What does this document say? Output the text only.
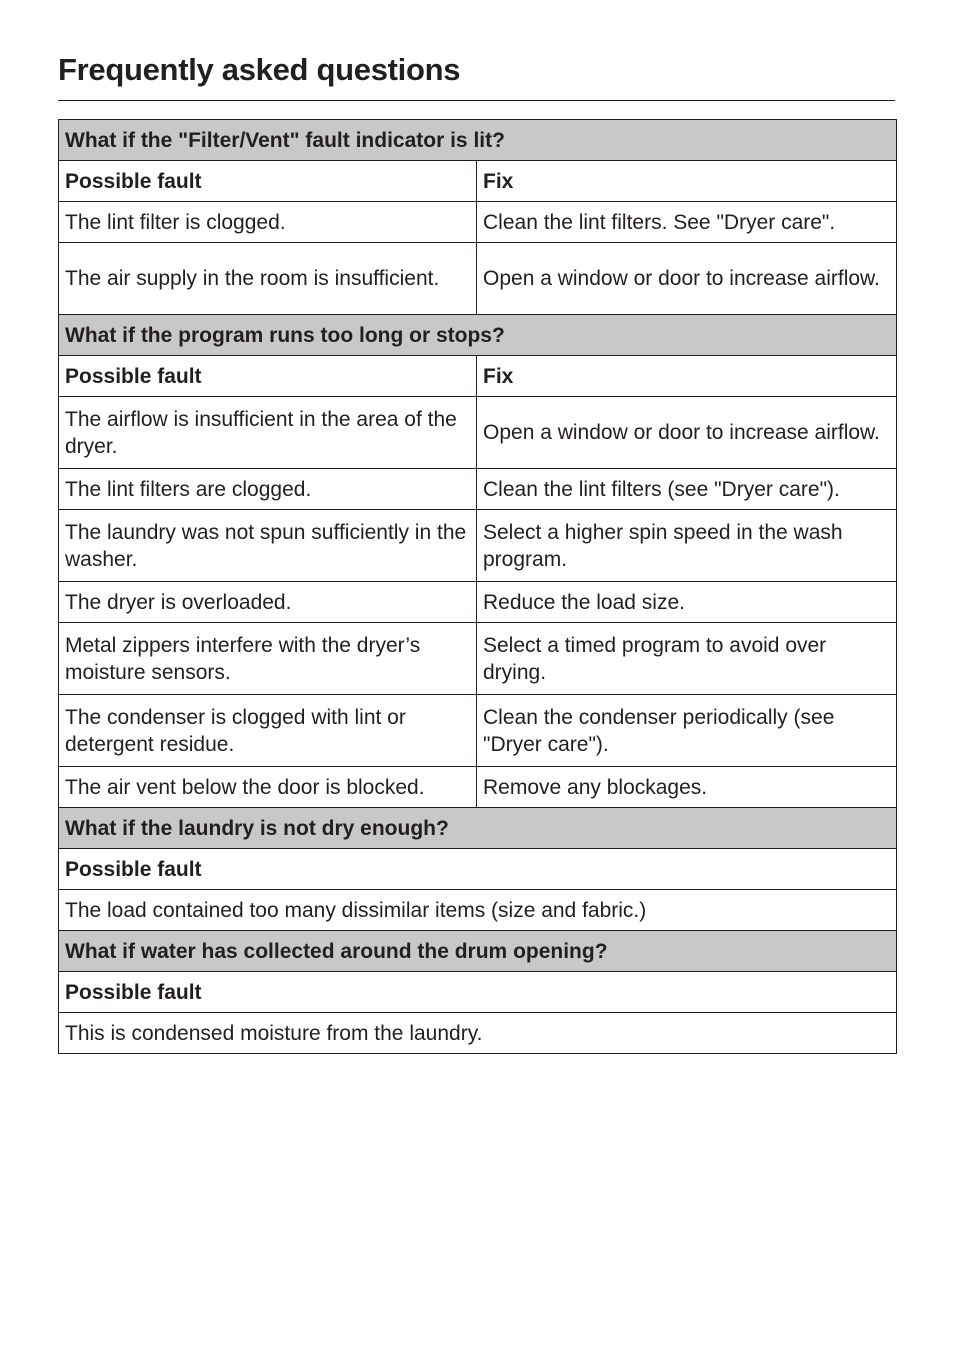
Frequently asked questions
What if the "Filter/Vent" fault indicator is lit?	
Possible fault	Fix
The lint filter is clogged.	Clean the lint filters. See "Dryer care".
The air supply in the room is insufficient.	Open a window or door to increase airflow.
What if the program runs too long or stops?	
Possible fault	Fix
The airflow is insufficient in the area of the dryer.	Open a window or door to increase airflow.
The lint filters are clogged.	Clean the lint filters (see "Dryer care").
The laundry was not spun sufficiently in the washer.	Select a higher spin speed in the wash program.
The dryer is overloaded.	Reduce the load size.
Metal zippers interfere with the dryer’s moisture sensors.	Select a timed program to avoid over drying.
The condenser is clogged with lint or detergent residue.	Clean the condenser periodically (see "Dryer care").
The air vent below the door is blocked.	Remove any blockages.
What if the laundry is not dry enough?	
Possible fault	
The load contained too many dissimilar items (size and fabric.)	
What if water has collected around the drum opening?	
Possible fault	
This is condensed moisture from the laundry.	
